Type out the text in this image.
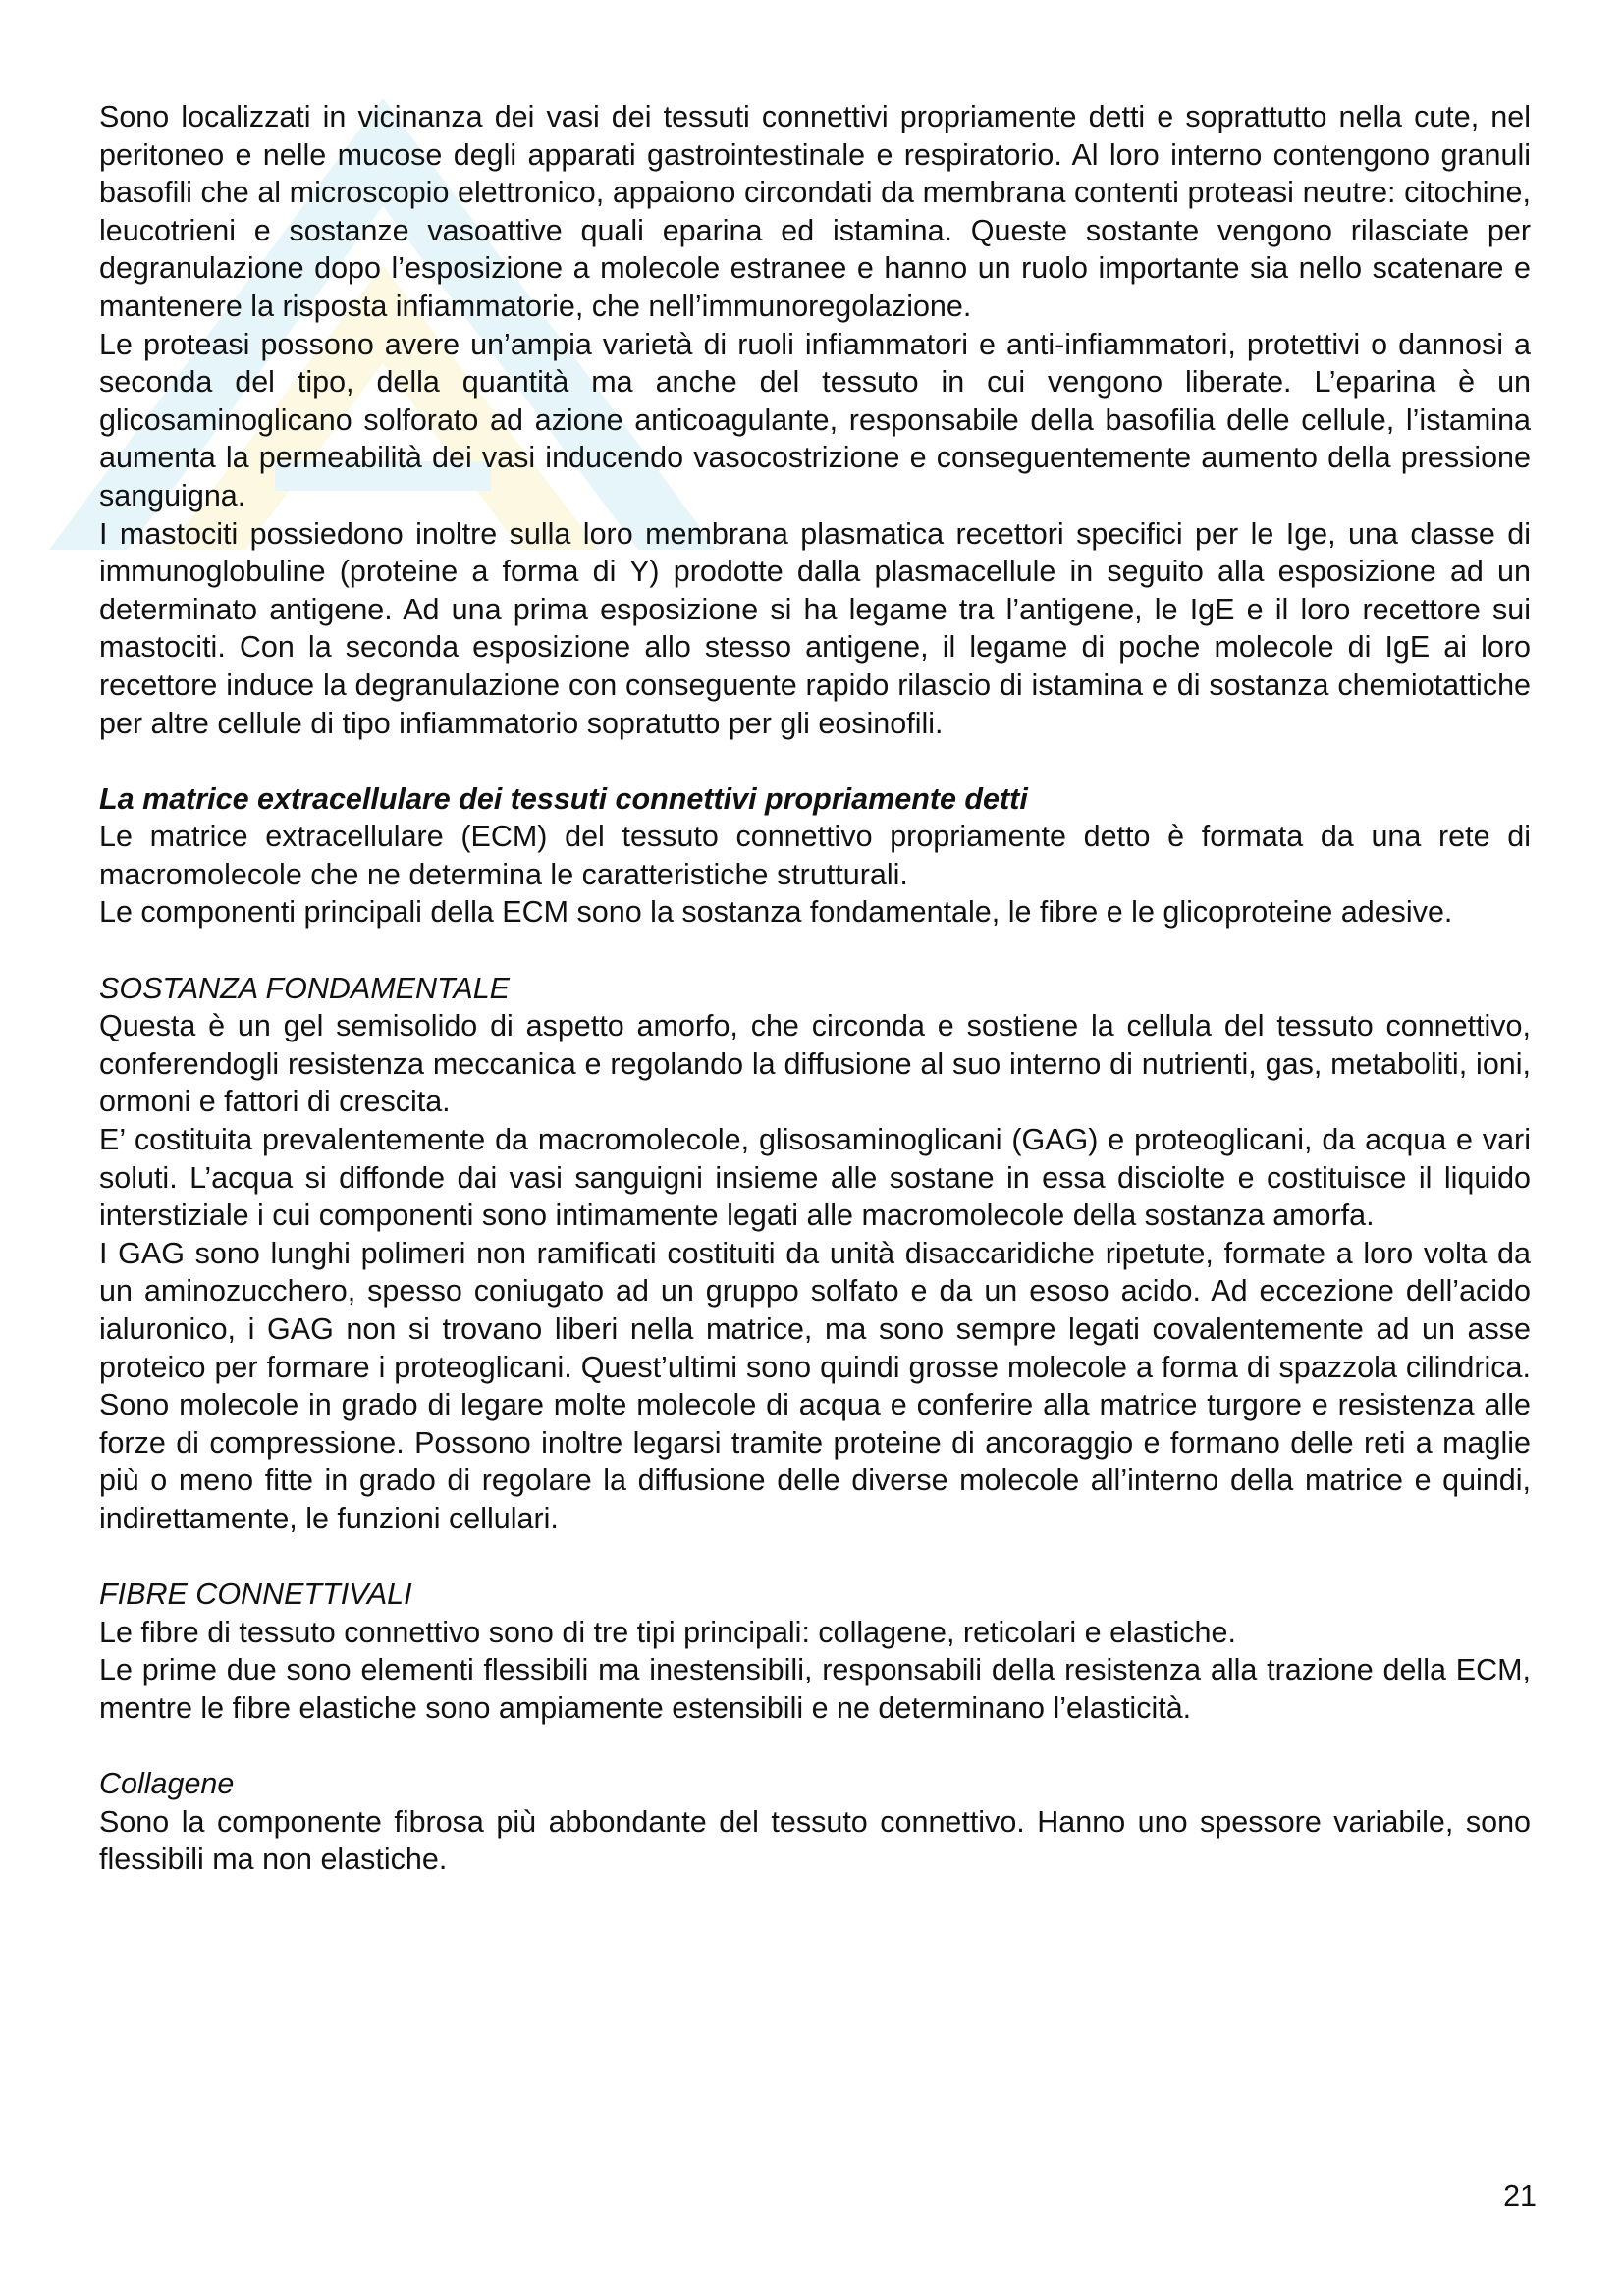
Sono localizzati in vicinanza dei vasi dei tessuti connettivi propriamente detti e soprattutto nella cute, nel peritoneo e nelle mucose degli apparati gastrointestinale e respiratorio. Al loro interno contengono granuli basofili che al microscopio elettronico, appaiono circondati da membrana contenti proteasi neutre: citochine, leucotrieni e sostanze vasoattive quali eparina ed istamina. Queste sostante vengono rilasciate per degranulazione dopo l’esposizione a molecole estranee e hanno un ruolo importante sia nello scatenare e mantenere la risposta infiammatorie, che nell’immunoregolazione.

Le proteasi possono avere un’ampia varietà di ruoli infiammatori e anti-infiammatori, protettivi o dannosi a seconda del tipo, della quantità ma anche del tessuto in cui vengono liberate. L’eparina è un glicosaminoglicano solforato ad azione anticoagulante, responsabile della basofilia delle cellule, l’istamina aumenta la permeabilità dei vasi inducendo vasocostrizione e conseguentemente aumento della pressione sanguigna.

I mastociti possiedono inoltre sulla loro membrana plasmatica recettori specifici per le Ige, una classe di immunoglobuline (proteine a forma di Y) prodotte dalla plasmacellule in seguito alla esposizione ad un determinato antigene. Ad una prima esposizione si ha legame tra l’antigene, le IgE e il loro recettore sui mastociti. Con la seconda esposizione allo stesso antigene, il legame di poche molecole di IgE ai loro recettore induce la degranulazione con conseguente rapido rilascio di istamina e di sostanza chemiotattiche per altre cellule di tipo infiammatorio sopratutto per gli eosinofili.

La matrice extracellulare dei tessuti connettivi propriamente detti

Le matrice extracellulare (ECM) del tessuto connettivo propriamente detto è formata da una rete di macromolecole che ne determina le caratteristiche strutturali.

Le componenti principali della ECM sono la sostanza fondamentale, le fibre e le glicoproteine adesive.

SOSTANZA FONDAMENTALE

Questa è un gel semisolido di aspetto amorfo, che circonda e sostiene la cellula del tessuto connettivo, conferendogli resistenza meccanica e regolando la diffusione al suo interno di nutrienti, gas, metaboliti, ioni, ormoni e fattori di crescita.

E’ costituita prevalentemente da macromolecole, glisosaminoglicani (GAG) e proteoglicani, da acqua e vari soluti. L’acqua si diffonde dai vasi sanguigni insieme alle sostane in essa disciolte e costituisce il liquido interstiziale i cui componenti sono intimamente legati alle macromolecole della sostanza amorfa.

I GAG sono lunghi polimeri non ramificati costituiti da unità disaccaridiche ripetute, formate a loro volta da un aminozucchero, spesso coniugato ad un gruppo solfato e da un esoso acido. Ad eccezione dell’acido ialuronico, i GAG non si trovano liberi nella matrice, ma sono sempre legati covalentemente ad un asse proteico per formare i proteoglicani. Quest’ultimi sono quindi grosse molecole a forma di spazzola cilindrica. Sono molecole in grado di legare molte molecole di acqua e conferire alla matrice turgore e resistenza alle forze di compressione. Possono inoltre legarsi tramite proteine di ancoraggio e formano delle reti a maglie più o meno fitte in grado di regolare la diffusione delle diverse molecole all’interno della matrice e quindi, indirettamente, le funzioni cellulari.

FIBRE CONNETTIVALI

Le fibre di tessuto connettivo sono di tre tipi principali: collagene, reticolari e elastiche.

Le prime due sono elementi flessibili ma inestensibili, responsabili della resistenza alla trazione della ECM, mentre le fibre elastiche sono ampiamente estensibili e ne determinano l’elasticità.

Collagene

Sono la componente fibrosa più abbondante del tessuto connettivo. Hanno uno spessore variabile, sono flessibili ma non elastiche.

21
